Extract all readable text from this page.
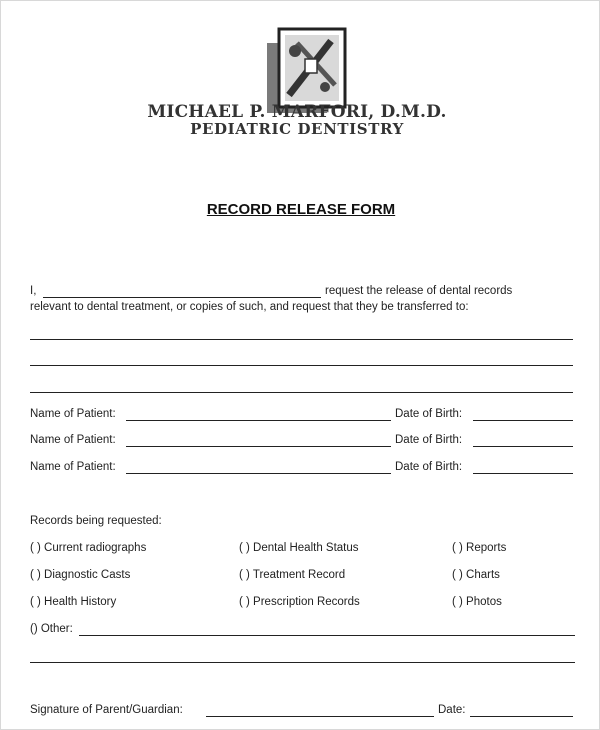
MICHAEL P. MARFORI, D.M.D.
PEDIATRIC DENTISTRY
RECORD RELEASE FORM
I,	request the release of dental records
relevant to dental treatment, or copies of such, and request that they be transferred to:
Name of Patient:	Date of Birth:
Name of Patient:	Date of Birth:
Name of Patient:	Date of Birth:
Records being requested:
( ) Current radiographs	( ) Dental Health Status	( ) Reports
( ) Diagnostic Casts	( ) Treatment Record	( ) Charts
( ) Health History	( ) Prescription Records	( ) Photos
() Other:
Signature of Parent/Guardian:	Date:
